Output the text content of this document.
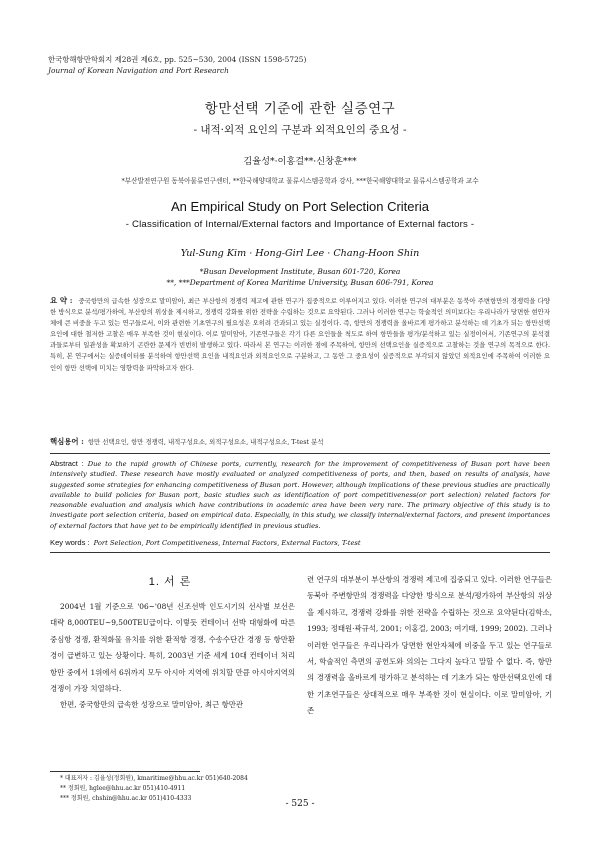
한국항해항만학회지 제28권 제6호, pp. 525~530, 2004 (ISSN 1598-5725)
Journal of Korean Navigation and Port Research
항만선택 기준에 관한 실증연구
- 내적·외적 요인의 구분과 외적요인의 중요성 -
김율성*·이홍걸**·신창훈***
*부산발전연구원 동북아물류연구센터, **한국해양대학교 물류시스템공학과 강사, ***한국해양대학교 물류시스템공학과 교수
An Empirical Study on Port Selection Criteria
- Classification of Internal/External factors and Importance of External factors -
Yul-Sung Kim · Hong-Girl Lee · Chang-Hoon Shin
*Busan Development Institute, Busan 601-720, Korea
**, ***Department of Korea Maritime University, Busan 606-791, Korea
요 약 : 중국항만의 급속한 성장으로 말미암아, 최근 부산항의 경쟁력 제고에 관한 연구가 집중적으로 이루어지고 있다. 이러한 연구의 대부분은 동북아 주변항만의 경쟁력을 다양한 방식으로 분석/평가하여, 부산항의 위상을 제시하고, 경쟁력 강화를 위한 전략을 수립하는 것으로 요약된다. 그러나 이러한 연구는 학술적인 의미보다는 우리나라가 당면한 현안자체에 큰 비중을 두고 있는 연구들로서, 이와 관련한 기초연구의 필요성은 오히려 간과되고 있는 실정이다. 즉, 항만의 경쟁력을 올바르게 평가하고 분석하는 데 기초가 되는 항만선택요인에 대한 철저한 고찰은 매우 부족한 것이 현실이다. 이로 말미암아, 기존연구들은 각기 다른 요인들을 척도로 하여 항만들을 평가/분석하고 있는 실정이어서, 기존연구의 분석결과들로부터 일관성을 확보하기 곤란한 문제가 빈번히 발생하고 있다. 따라서 본 연구는 이러한 점에 주목하여, 항만의 선택요인을 실증적으로 고찰하는 것을 연구의 목적으로 한다. 특히, 본 연구에서는 실증데이터를 분석하여 항만선택 요인을 내적요인과 외적요인으로 구분하고, 그 동안 그 중요성이 실증적으로 부각되지 않았던 외적요인에 주목하여 이러한 요인이 항만 선택에 미치는 영향력을 파악하고자 한다.
핵심용어 : 항만 선택요인, 항만 경쟁력, 내적구성요소, 외적구성요소, 내적구성요소, T-test 분석
Abstract : Due to the rapid growth of Chinese ports, currently, research for the improvement of competitiveness of Busan port have been intensively studied. These research have mostly evaluated or analyzed competitiveness of ports, and then, based on results of analysis, have suggested some strategies for enhancing competitiveness of Busan port. However, although implications of these previous studies are practically available to build policies for Busan port, basic studies such as identification of port competitiveness(or port selection) related factors for reasonable evaluation and analysis which have contributions in academic area have been very rare. The primary objective of this study is to investigate port selection criteria, based on empirical data. Especially, in this study, we classify internal/external factors, and present importances of external factors that have yet to be empirically identified in previous studies.
Key words : Port Selection, Port Competitiveness, Internal Factors, External Factors, T-test
1. 서 론

2004년 1월 기준으로 '06~'08년 신조선박 인도시기의 선사별 보선은 대략 8,000TEU~9,500TEU급이다. 이렇듯 컨테이너 선박 대형화에 따른 중심항 경쟁, 환적화물 유치를 위한 환적항 경쟁, 수송수단간 경쟁 등 항만환경이 급변하고 있는 상황이다. 특히, 2003년 기준 세계 10대 컨테이너 처리항만 중에서 1위에서 6위까지 모두 아시아 지역에 위치할 만큼 아시아지역의 경쟁이 가장 치열하다.

한편, 중국항만의 급속한 성장으로 말미암아, 최근 항만관

련 연구의 대부분이 부산항의 경쟁력 제고에 집중되고 있다. 이러한 연구들은 동북아 주변항만의 경쟁력을 다양한 방식으로 분석/평가하여 부산항의 위상을 제시하고, 경쟁력 강화를 위한 전략을 수립하는 것으로 요약된다(김학소, 1993; 정태원·곽규석, 2001; 이홍걸, 2003; 여기태, 1999; 2002). 그러나 이러한 연구들은 우리나라가 당면한 현안자체에 비중을 두고 있는 연구들로서, 학술적인 측면의 공헌도와 의의는 그다지 높다고 말할 수 없다. 즉, 항만의 경쟁력을 올바르게 평가하고 분석하는 데 기초가 되는 항만선택요인에 대한 기초연구들은 상대적으로 매우 부족한 것이 현실이다. 이로 말미암아, 기존

* 대표저자 : 김율성(정회원), kmaritime@hhu.ac.kr 051)640-2084
** 정회원, hglee@hhu.ac.kr 051)410-4911
*** 정회원, chshin@hhu.ac.kr 051)410-4333
- 525 -
